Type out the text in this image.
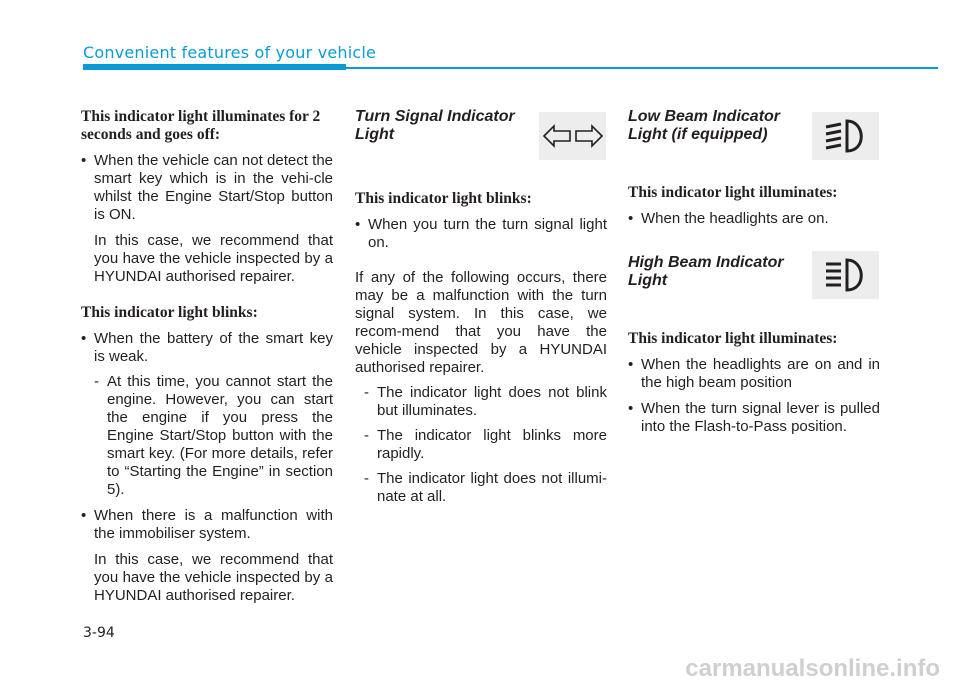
Convenient features of your vehicle

This indicator light illuminates for 2 seconds and goes off:

• When the vehicle can not detect the smart key which is in the vehi-cle whilst the Engine Start/Stop button is ON.

In this case, we recommend that you have the vehicle inspected by a HYUNDAI authorised repairer.

This indicator light blinks:

• When the battery of the smart key is weak.

- At this time, you cannot start the engine. However, you can start the engine if you press the Engine Start/Stop button with the smart key. (For more details, refer to “Starting the Engine” in section 5).

• When there is a malfunction with the immobiliser system.

In this case, we recommend that you have the vehicle inspected by a HYUNDAI authorised repairer.

Turn Signal Indicator Light

This indicator light blinks:

• When you turn the turn signal light on.

If any of the following occurs, there may be a malfunction with the turn signal system. In this case, we recom-mend that you have the vehicle inspected by a HYUNDAI authorised repairer.

- The indicator light does not blink but illuminates.

- The indicator light blinks more rapidly.

- The indicator light does not illumi-nate at all.

Low Beam Indicator Light (if equipped)

This indicator light illuminates:

• When the headlights are on.

High Beam Indicator Light

This indicator light illuminates:

• When the headlights are on and in the high beam position

• When the turn signal lever is pulled into the Flash-to-Pass position.

3-94
carmanualsonline.info
